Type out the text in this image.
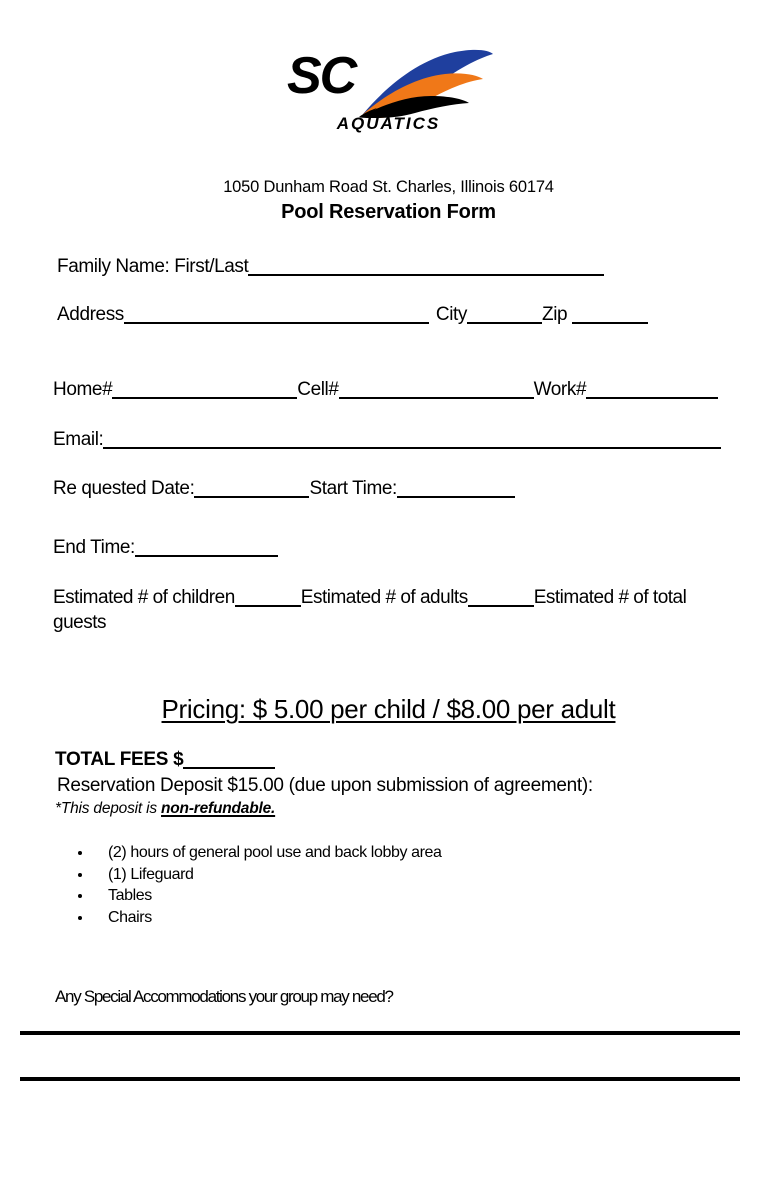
SC
AQUATICS
1050 Dunham Road St. Charles, Illinois 60174
Pool Reservation Form
Family Name: First/Last
Address	City	Zip
Home#	Cell#	Work#
Email:
Re quested Date:	Start Time:
End Time:
Estimated # of children	Estimated # of adults	Estimated # of total guests
Pricing: $ 5.00 per child / $8.00 per adult
TOTAL FEES $
Reservation Deposit $15.00 (due upon submission of agreement):
*This deposit is non-refundable.
(2) hours of general pool use and back lobby area
(1) Lifeguard
Tables
Chairs
Any Special Accommodations your group may need?
